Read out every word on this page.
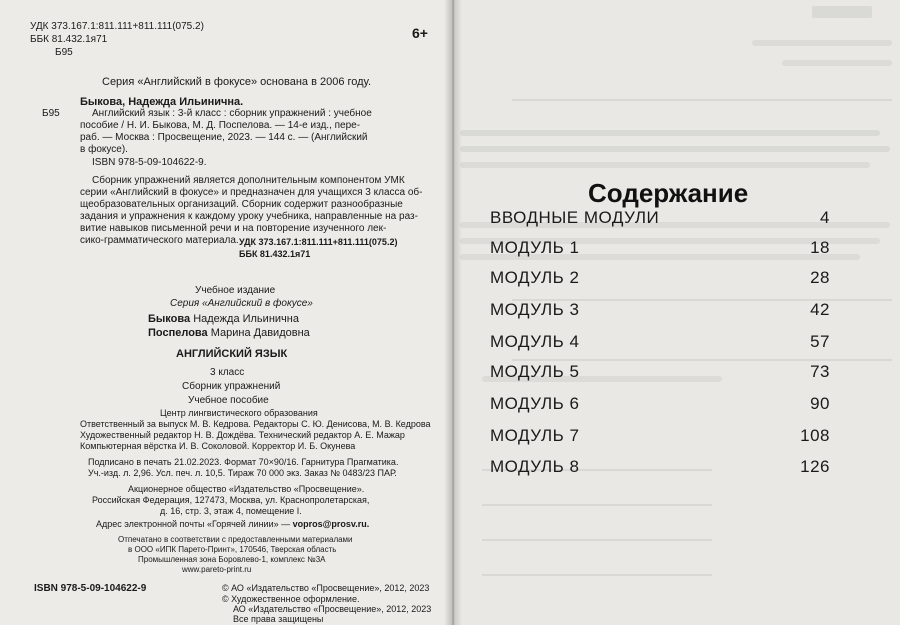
УДК 373.167.1:811.111+811.111(075.2)
ББК 81.432.1я71
Б95
6+
Серия «Английский в фокусе» основана в 2006 году.
Быкова, Надежда Ильинична.
Б95	Английский язык : 3-й класс : сборник упражнений : учебное
пособие / Н. И. Быкова, М. Д. Поспелова. — 14-е изд., пере-
раб. — Москва : Просвещение, 2023. — 144 с. — (Английский
в фокусе).
ISBN 978-5-09-104622-9.
Сборник упражнений является дополнительным компонентом УМК
серии «Английский в фокусе» и предназначен для учащихся 3 класса об-
щеобразовательных организаций. Сборник содержит разнообразные
задания и упражнения к каждому уроку учебника, направленные на раз-
витие навыков письменной речи и на повторение изученного лек-
сико-грамматического материала. УДК 373.167.1:811.111+811.111(075.2)
ББК 81.432.1я71
Учебное издание
Серия «Английский в фокусе»
Быкова Надежда Ильинична
Поспелова Марина Давидовна
АНГЛИЙСКИЙ ЯЗЫК
3 класс
Сборник упражнений
Учебное пособие
Центр лингвистического образования
Ответственный за выпуск М. В. Кедрова. Редакторы С. Ю. Денисова, М. В. Кедрова
Художественный редактор Н. В. Дождёва. Технический редактор А. Е. Мажар
Компьютерная вёрстка И. В. Соколовой. Корректор И. Б. Окунева
Подписано в печать 21.02.2023. Формат 70×90/16. Гарнитура Прагматика.
Уч.-изд. л. 2,96. Усл. печ. л. 10,5. Тираж 70 000 экз. Заказ № 0483/23 ПАР.
Акционерное общество «Издательство «Просвещение».
Российская Федерация, 127473, Москва, ул. Краснопролетарская,
д. 16, стр. 3, этаж 4, помещение I.
Адрес электронной почты «Горячей линии» — vopros@prosv.ru.
Отпечатано в соответствии с предоставленными материалами
в ООО «ИПК Парето-Принт», 170546, Тверская область
Промышленная зона Боровлево-1, комплекс №3А
www.pareto-print.ru
ISBN 978-5-09-104622-9	© АО «Издательство «Просвещение», 2012, 2023
© Художественное оформление.
АО «Издательство «Просвещение», 2012, 2023
Все права защищены
Содержание
ВВОДНЫЕ МОДУЛИ	4
МОДУЛЬ 1	18
МОДУЛЬ 2	28
МОДУЛЬ 3	42
МОДУЛЬ 4	57
МОДУЛЬ 5	73
МОДУЛЬ 6	90
МОДУЛЬ 7	108
МОДУЛЬ 8	126
